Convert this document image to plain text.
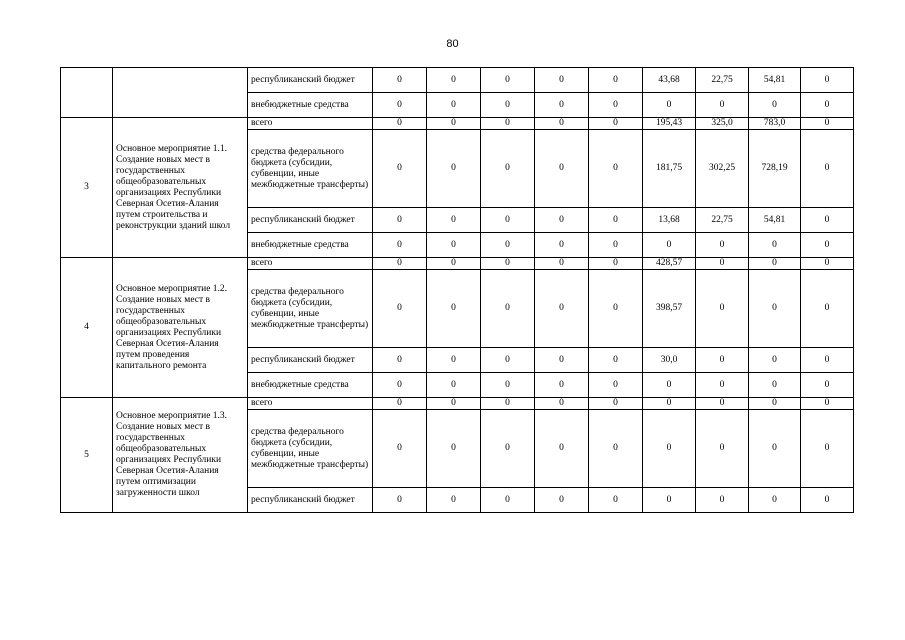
80
		республиканский бюджет	0	0	0	0	0	43,68	22,75	54,81	0
		внебюджетные средства	0	0	0	0	0	0	0	0	0
3	Основное мероприятие 1.1. Создание новых мест в государственных общеобразовательных организациях Республики Северная Осетия-Алания путем строительства и реконструкции зданий школ	всего	0	0	0	0	0	195,43	325,0	783,0	0
		средства федерального бюджета (субсидии, субвенции, иные межбюджетные трансферты)	0	0	0	0	0	181,75	302,25	728,19	0
		республиканский бюджет	0	0	0	0	0	13,68	22,75	54,81	0
		внебюджетные средства	0	0	0	0	0	0	0	0	0
4	Основное мероприятие 1.2. Создание новых мест в государственных общеобразовательных организациях Республики Северная Осетия-Алания путем проведения капитального ремонта	всего	0	0	0	0	0	428,57	0	0	0
		средства федерального бюджета (субсидии, субвенции, иные межбюджетные трансферты)	0	0	0	0	0	398,57	0	0	0
		республиканский бюджет	0	0	0	0	0	30,0	0	0	0
		внебюджетные средства	0	0	0	0	0	0	0	0	0
5	Основное мероприятие 1.3. Создание новых мест в государственных общеобразовательных организациях Республики Северная Осетия-Алания путем оптимизации загруженности школ	всего	0	0	0	0	0	0	0	0	0
		средства федерального бюджета (субсидии, субвенции, иные межбюджетные трансферты)	0	0	0	0	0	0	0	0	0
		республиканский бюджет	0	0	0	0	0	0	0	0	0
